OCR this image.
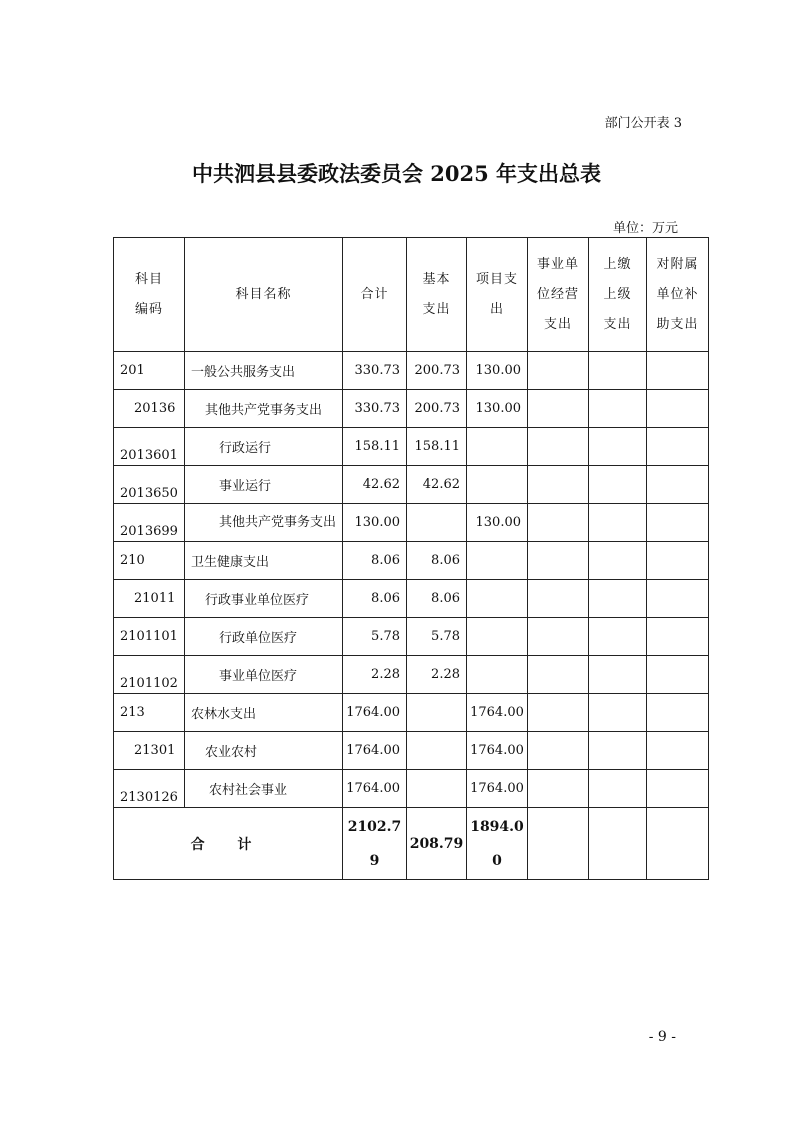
部门公开表 3
中共泗县县委政法委员会 2025 年支出总表
单位：万元
科目编码	科目名称	合计	基本支出	项目支出	事业单位经营支出	上缴上级支出	对附属单位补助支出
201	一般公共服务支出	330.73	200.73	130.00			
20136	其他共产党事务支出	330.73	200.73	130.00			
2013601	行政运行	158.11	158.11				
2013650	事业运行	42.62	42.62				
2013699	其他共产党事务支出	130.00		130.00			
210	卫生健康支出	8.06	8.06				
21011	行政事业单位医疗	8.06	8.06				
2101101	行政单位医疗	5.78	5.78				
2101102	事业单位医疗	2.28	2.28				
213	农林水支出	1764.00		1764.00			
21301	农业农村	1764.00		1764.00			
2130126	农村社会事业	1764.00		1764.00			
合 计		2102.79	208.79	1894.00			
- 9 -
